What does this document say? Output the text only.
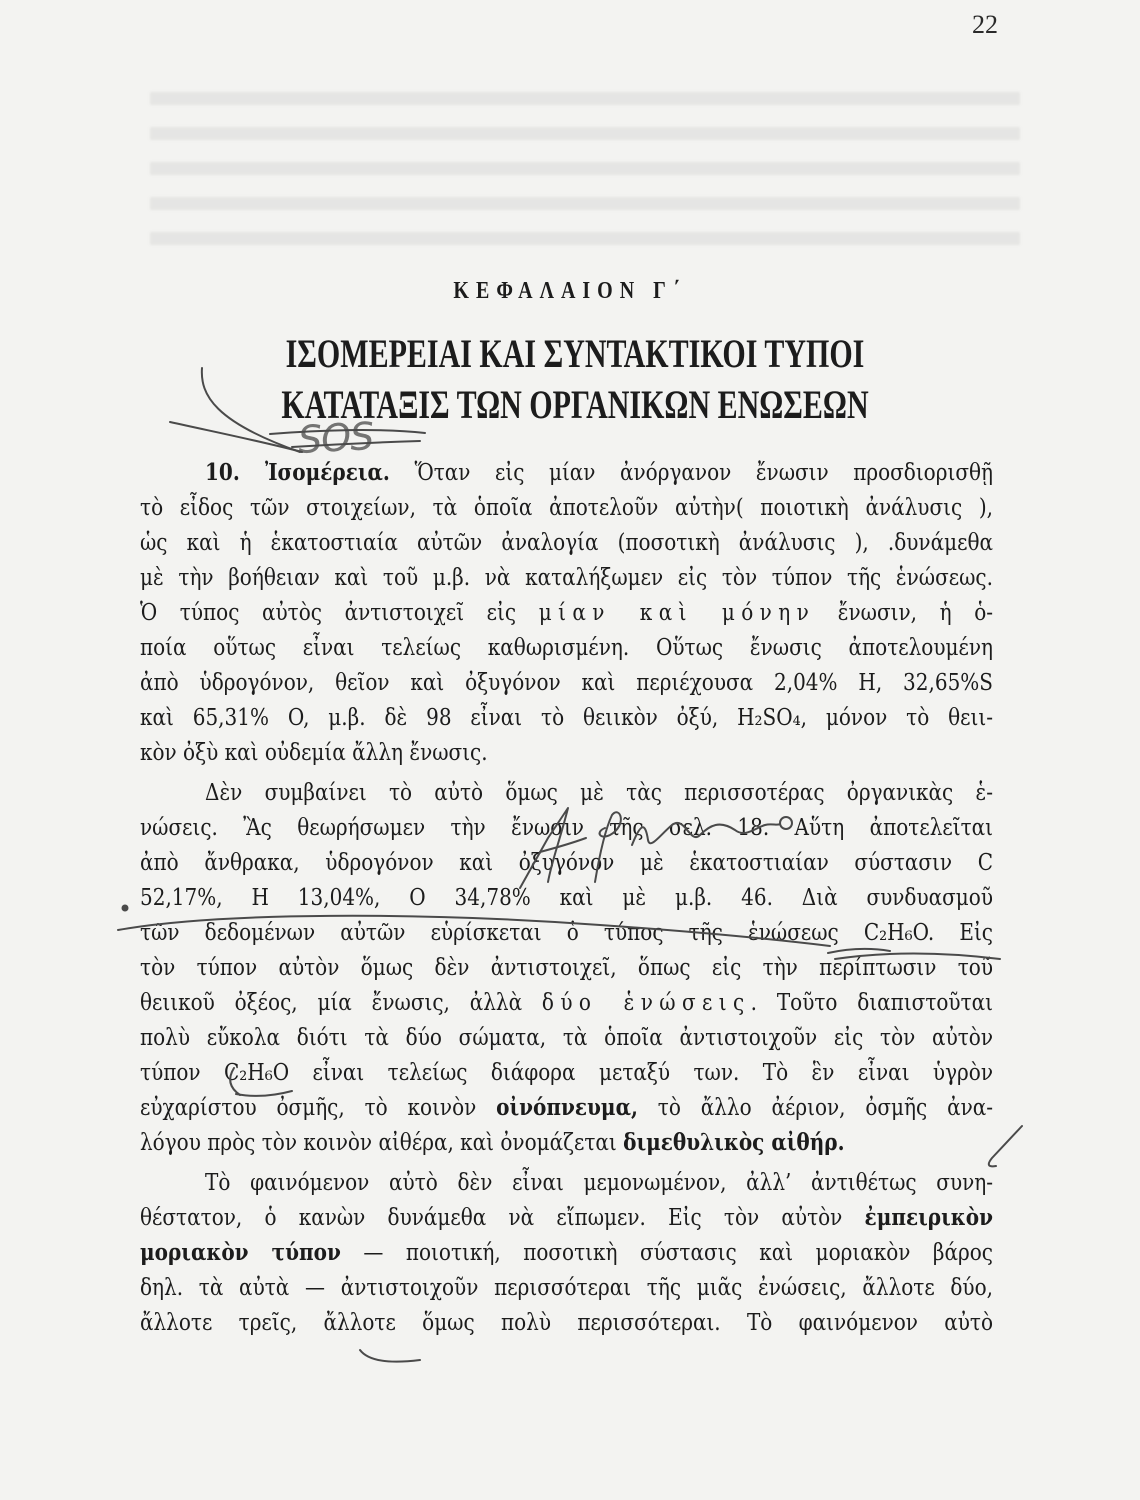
22
ΚΕΦΑΛΑΙΟΝ Γ΄
ΙΣΟΜΕΡΕΙΑΙ ΚΑΙ ΣΥΝΤΑΚΤΙΚΟΙ ΤΥΠΟΙ
ΚΑΤΑΤΑΞΙΣ ΤΩΝ ΟΡΓΑΝΙΚΩΝ ΕΝΩΣΕΩΝ
SOS
10. Ἰσομέρεια. Ὅταν εἰς μίαν ἀνόργανον ἔνωσιν προσδιορισθῇ
τὸ εἶδος τῶν στοιχείων, τὰ ὁποῖα ἀποτελοῦν αὐτὴν( ποιοτικὴ ἀνάλυσις ),
ὡς καὶ ἡ ἑκατοστιαία αὐτῶν ἀναλογία (ποσοτικὴ ἀνάλυσις ), .δυνάμεθα
μὲ τὴν βοήθειαν καὶ τοῦ μ.β. νὰ καταλήξωμεν εἰς τὸν τύπον τῆς ἑνώσεως.
Ὁ τύπος αὐτὸς ἀντιστοιχεῖ εἰς μίαν καὶ μόνην ἔνωσιν, ἡ ὁ-
ποία οὕτως εἶναι τελείως καθωρισμένη. Οὕτως ἔνωσις ἀποτελουμένη
ἀπὸ ὑδρογόνον, θεῖον καὶ ὀξυγόνον καὶ περιέχουσα 2,04% H, 32,65%S
καὶ 65,31% O, μ.β. δὲ 98 εἶναι τὸ θειικὸν ὀξύ, H₂SO₄, μόνον τὸ θειι-
κὸν ὀξὺ καὶ οὐδεμία ἄλλη ἔνωσις.
Δὲν συμβαίνει τὸ αὐτὸ ὅμως μὲ τὰς περισσοτέρας ὀργανικὰς ἑ-
νώσεις. Ἂς θεωρήσωμεν τὴν ἔνωσιν τῆς σελ. 18. Αὕτη ἀποτελεῖται
ἀπὸ ἄνθρακα, ὑδρογόνον καὶ ὀξυγόνον μὲ ἑκατοστιαίαν σύστασιν C
52,17%, H 13,04%, O 34,78% καὶ μὲ μ.β. 46. Διὰ συνδυασμοῦ
τῶν δεδομένων αὐτῶν εὑρίσκεται ὁ τύπος τῆς ἑνώσεως C₂H₆O. Εἰς
τὸν τύπον αὐτὸν ὅμως δὲν ἀντιστοιχεῖ, ὅπως εἰς τὴν περίπτωσιν τοῦ
θειικοῦ ὀξέος, μία ἔνωσις, ἀλλὰ δύο ἑνώσεις. Τοῦτο διαπιστοῦται
πολὺ εὔκολα διότι τὰ δύο σώματα, τὰ ὁποῖα ἀντιστοιχοῦν εἰς τὸν αὐτὸν
τύπον C₂H₆O εἶναι τελείως διάφορα μεταξύ των. Τὸ ἓν εἶναι ὑγρὸν
εὐχαρίστου ὀσμῆς, τὸ κοινὸν οἰνόπνευμα, τὸ ἄλλο ἀέριον, ὀσμῆς ἀνα-
λόγου πρὸς τὸν κοινὸν αἰθέρα, καὶ ὀνομάζεται διμεθυλικὸς αἰθήρ.
Τὸ φαινόμενον αὐτὸ δὲν εἶναι μεμονωμένον, ἀλλ’ ἀντιθέτως συνη-
θέστατον, ὁ κανὼν δυνάμεθα νὰ εἴπωμεν. Εἰς τὸν αὐτὸν ἐμπειρικὸν
μοριακὸν τύπον — ποιοτική, ποσοτικὴ σύστασις καὶ μοριακὸν βάρος
δηλ. τὰ αὐτὰ — ἀντιστοιχοῦν περισσότεραι τῆς μιᾶς ἐνώσεις, ἄλλοτε δύο,
ἄλλοτε τρεῖς, ἄλλοτε ὅμως πολὺ περισσότεραι. Τὸ φαινόμενον αὐτὸ
